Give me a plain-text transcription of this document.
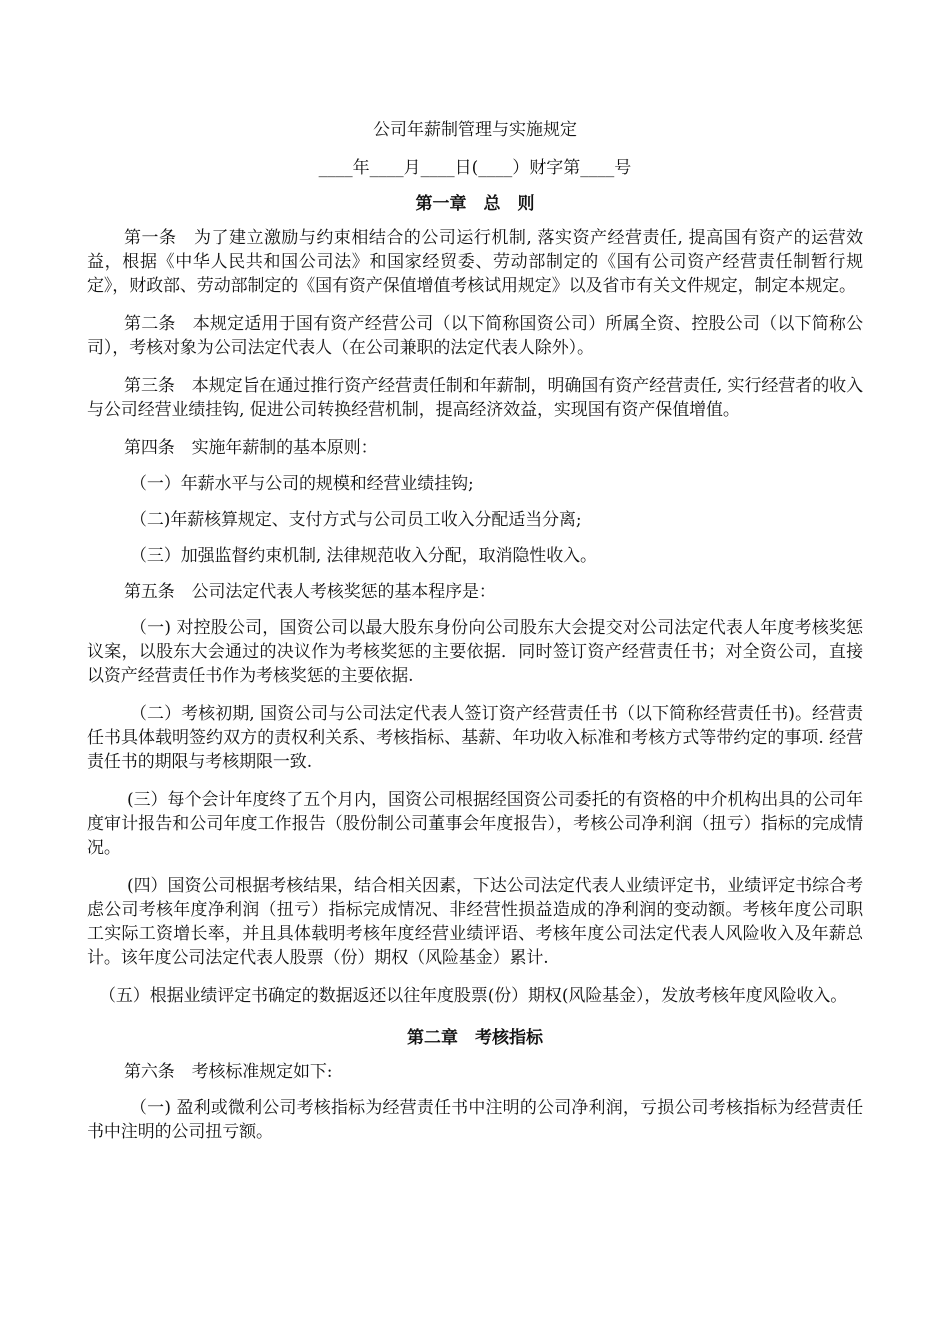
公司年薪制管理与实施规定
____年____月____日(____）财字第____号
第一章　总　则
第一条　为了建立激励与约束相结合的公司运行机制, 落实资产经营责任, 提高国有资产的运营效益，根据《中华人民共和国公司法》和国家经贸委、劳动部制定的《国有公司资产经营责任制暂行规定》，财政部、劳动部制定的《国有资产保值增值考核试用规定》以及省市有关文件规定，制定本规定。
第二条　本规定适用于国有资产经营公司（以下简称国资公司）所属全资、控股公司（以下简称公司），考核对象为公司法定代表人（在公司兼职的法定代表人除外）。
第三条　本规定旨在通过推行资产经营责任制和年薪制，明确国有资产经营责任, 实行经营者的收入与公司经营业绩挂钩, 促进公司转换经营机制，提高经济效益，实现国有资产保值增值。
第四条　实施年薪制的基本原则：
（一）年薪水平与公司的规模和经营业绩挂钩;
（二)年薪核算规定、支付方式与公司员工收入分配适当分离;
（三）加强监督约束机制, 法律规范收入分配，取消隐性收入。
第五条　公司法定代表人考核奖惩的基本程序是：
（一) 对控股公司，国资公司以最大股东身份向公司股东大会提交对公司法定代表人年度考核奖惩议案，以股东大会通过的决议作为考核奖惩的主要依据．同时签订资产经营责任书；对全资公司，直接以资产经营责任书作为考核奖惩的主要依据.
（二）考核初期, 国资公司与公司法定代表人签订资产经营责任书（以下简称经营责任书)。经营责任书具体载明签约双方的责权利关系、考核指标、基薪、年功收入标准和考核方式等带约定的事项. 经营责任书的期限与考核期限一致.
(三）每个会计年度终了五个月内，国资公司根据经国资公司委托的有资格的中介机构出具的公司年度审计报告和公司年度工作报告（股份制公司董事会年度报告），考核公司净利润（扭亏）指标的完成情况。
(四）国资公司根据考核结果，结合相关因素，下达公司法定代表人业绩评定书，业绩评定书综合考虑公司考核年度净利润（扭亏）指标完成情况、非经营性损益造成的净利润的变动额。考核年度公司职工实际工资增长率，并且具体载明考核年度经营业绩评语、考核年度公司法定代表人风险收入及年薪总计。该年度公司法定代表人股票（份）期权（风险基金）累计.
（五）根据业绩评定书确定的数据返还以往年度股票(份）期权(风险基金），发放考核年度风险收入。
第二章　考核指标
第六条　考核标准规定如下:
（一) 盈利或微利公司考核指标为经营责任书中注明的公司净利润，亏损公司考核指标为经营责任书中注明的公司扭亏额。
